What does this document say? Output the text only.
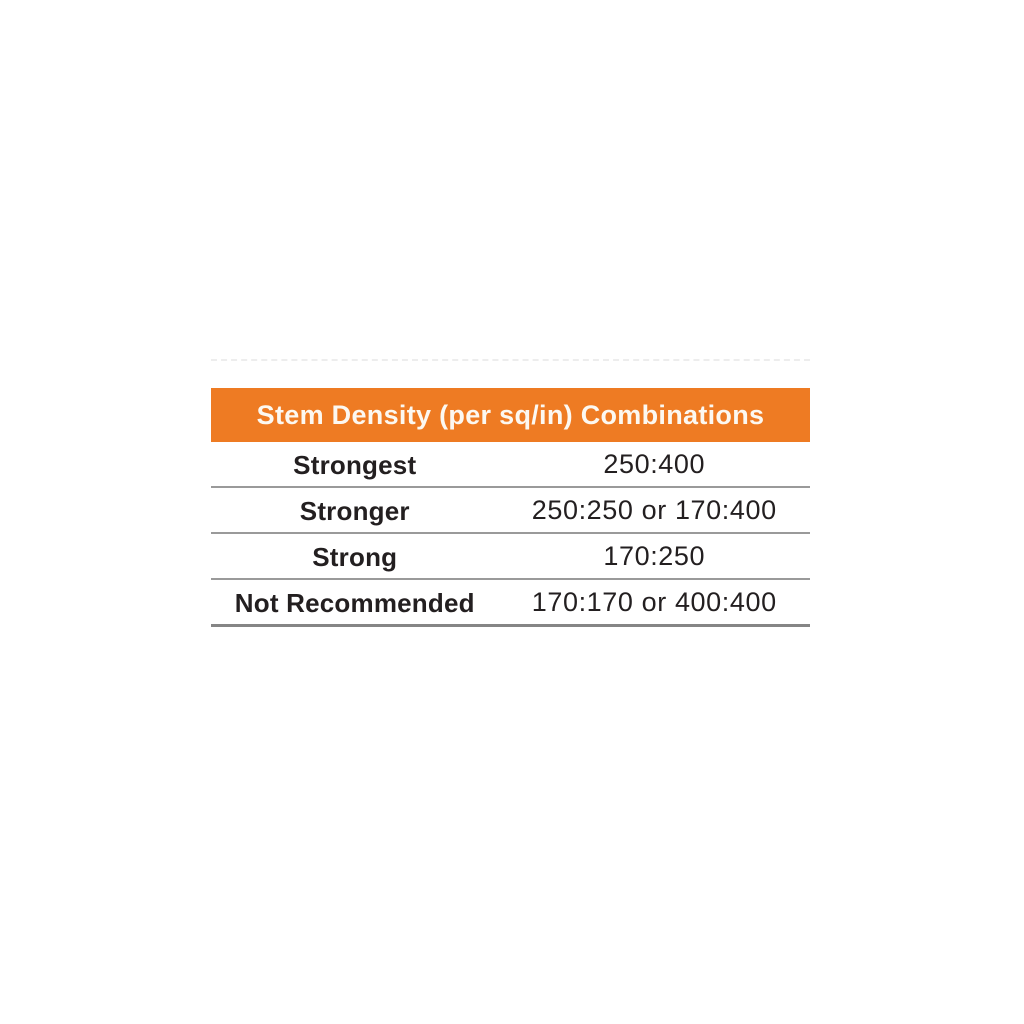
Stem Density (per sq/in) Combinations
Strongest	250:400
Stronger	250:250 or 170:400
Strong	170:250
Not Recommended	170:170 or 400:400
